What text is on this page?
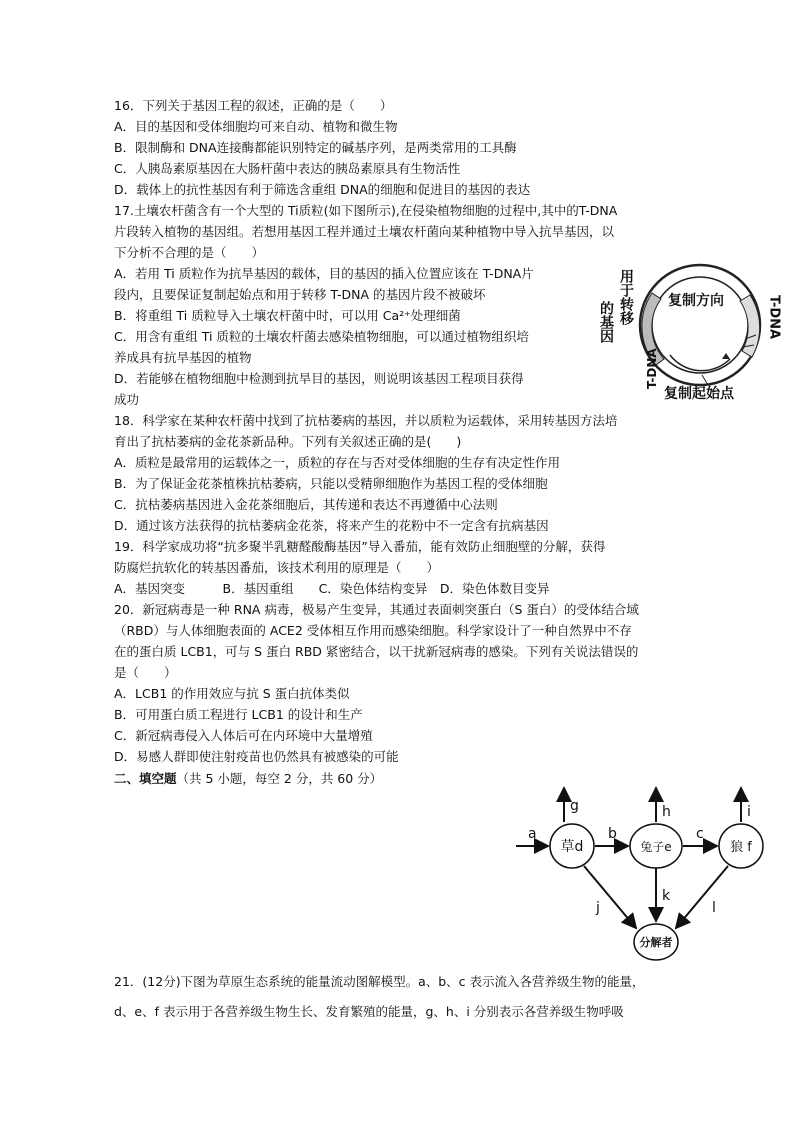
16．下列关于基因工程的叙述，正确的是（　　）
A．目的基因和受体细胞均可来自动、植物和微生物
B．限制酶和 DNA连接酶都能识别特定的碱基序列，是两类常用的工具酶
C．人胰岛素原基因在大肠杆菌中表达的胰岛素原具有生物活性
D．载体上的抗性基因有利于筛选含重组 DNA的细胞和促进目的基因的表达
17.土壤农杆菌含有一个大型的 Ti质粒(如下图所示),在侵染植物细胞的过程中,其中的T-DNA
片段转入植物的基因组。若想用基因工程并通过土壤农杆菌向某种植物中导入抗旱基因，以
下分析不合理的是（　　）
A．若用 Ti 质粒作为抗旱基因的载体，目的基因的插入位置应该在 T-DNA片
段内，且要保证复制起始点和用于转移 T-DNA 的基因片段不被破坏
B．将重组 Ti 质粒导入土壤农杆菌中时，可以用 Ca²⁺处理细菌
C．用含有重组 Ti 质粒的土壤农杆菌去感染植物细胞，可以通过植物组织培
养成具有抗旱基因的植物
D．若能够在植物细胞中检测到抗旱目的基因，则说明该基因工程项目获得
成功
用于转移
的基因
T-DNA
T-DNA
复制方向
复制起始点
18．科学家在某种农杆菌中找到了抗枯萎病的基因，并以质粒为运载体，采用转基因方法培
育出了抗枯萎病的金花茶新品种。下列有关叙述正确的是(　　)
A．质粒是最常用的运载体之一，质粒的存在与否对受体细胞的生存有决定性作用
B．为了保证金花茶植株抗枯萎病，只能以受精卵细胞作为基因工程的受体细胞
C．抗枯萎病基因进入金花茶细胞后，其传递和表达不再遵循中心法则
D．通过该方法获得的抗枯萎病金花茶，将来产生的花粉中不一定含有抗病基因
19．科学家成功将“抗多聚半乳糖醛酸酶基因”导入番茄，能有效防止细胞壁的分解，获得
防腐烂抗软化的转基因番茄，该技术利用的原理是（　　）
A．基因突变　　　B．基因重组　　C．染色体结构变异　D．染色体数目变异
20．新冠病毒是一种 RNA 病毒，极易产生变异，其通过表面刺突蛋白（S 蛋白）的受体结合域
（RBD）与人体细胞表面的 ACE2 受体相互作用而感染细胞。科学家设计了一种自然界中不存
在的蛋白质 LCB1，可与 S 蛋白 RBD 紧密结合，以干扰新冠病毒的感染。下列有关说法错误的
是（　　）
A．LCB1 的作用效应与抗 S 蛋白抗体类似
B．可用蛋白质工程进行 LCB1 的设计和生产
C．新冠病毒侵入人体后可在内环境中大量增殖
D．易感人群即使注射疫苗也仍然具有被感染的可能
二、填空题（共 5 小题，每空 2 分，共 60 分）
草d	兔子e	狼 f
分解者
a	b	c
g	h	i
j
k
l
21．(12分)下图为草原生态系统的能量流动图解模型。a、b、c 表示流入各营养级生物的能量，
d、e、f 表示用于各营养级生物生长、发育繁殖的能量，g、h、i 分别表示各营养级生物呼吸
